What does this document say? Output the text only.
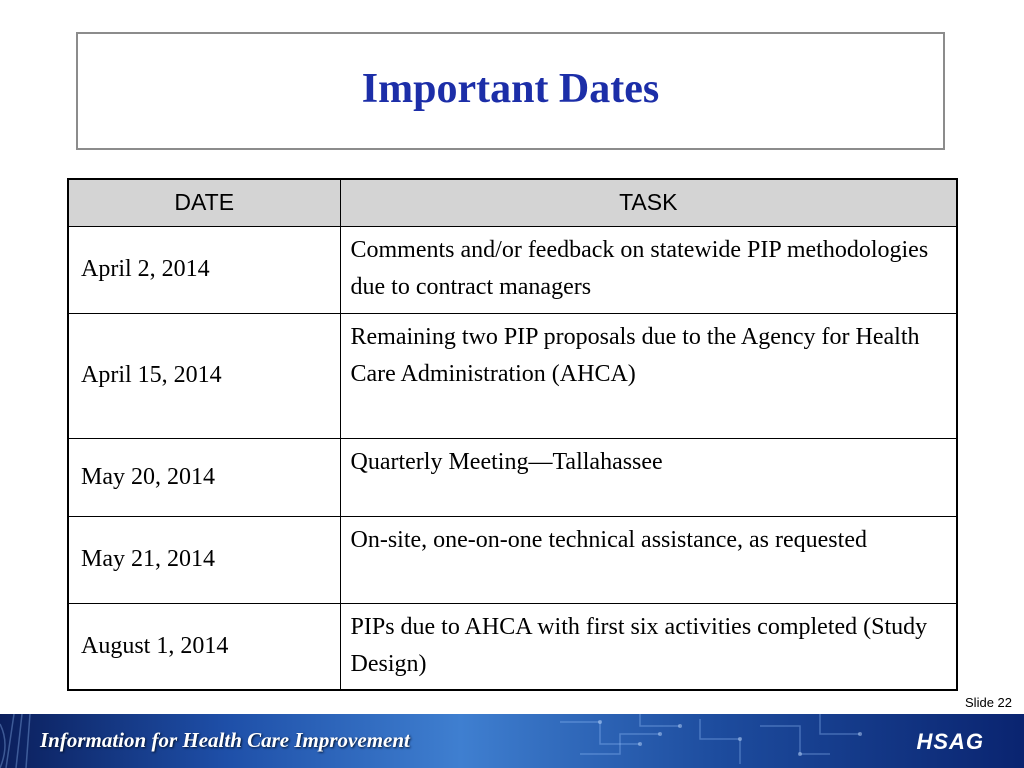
Important Dates
DATE	TASK
April 2, 2014	Comments and/or feedback on statewide PIP methodologies due to contract managers
April 15, 2014	Remaining two PIP proposals due to the Agency for Health Care Administration (AHCA)
May 20, 2014	Quarterly Meeting—Tallahassee
May 21, 2014	On-site, one-on-one technical assistance, as requested
August 1, 2014	PIPs due to AHCA with first six activities completed (Study Design)
Slide 22
Information for Health Care Improvement	HSAG
